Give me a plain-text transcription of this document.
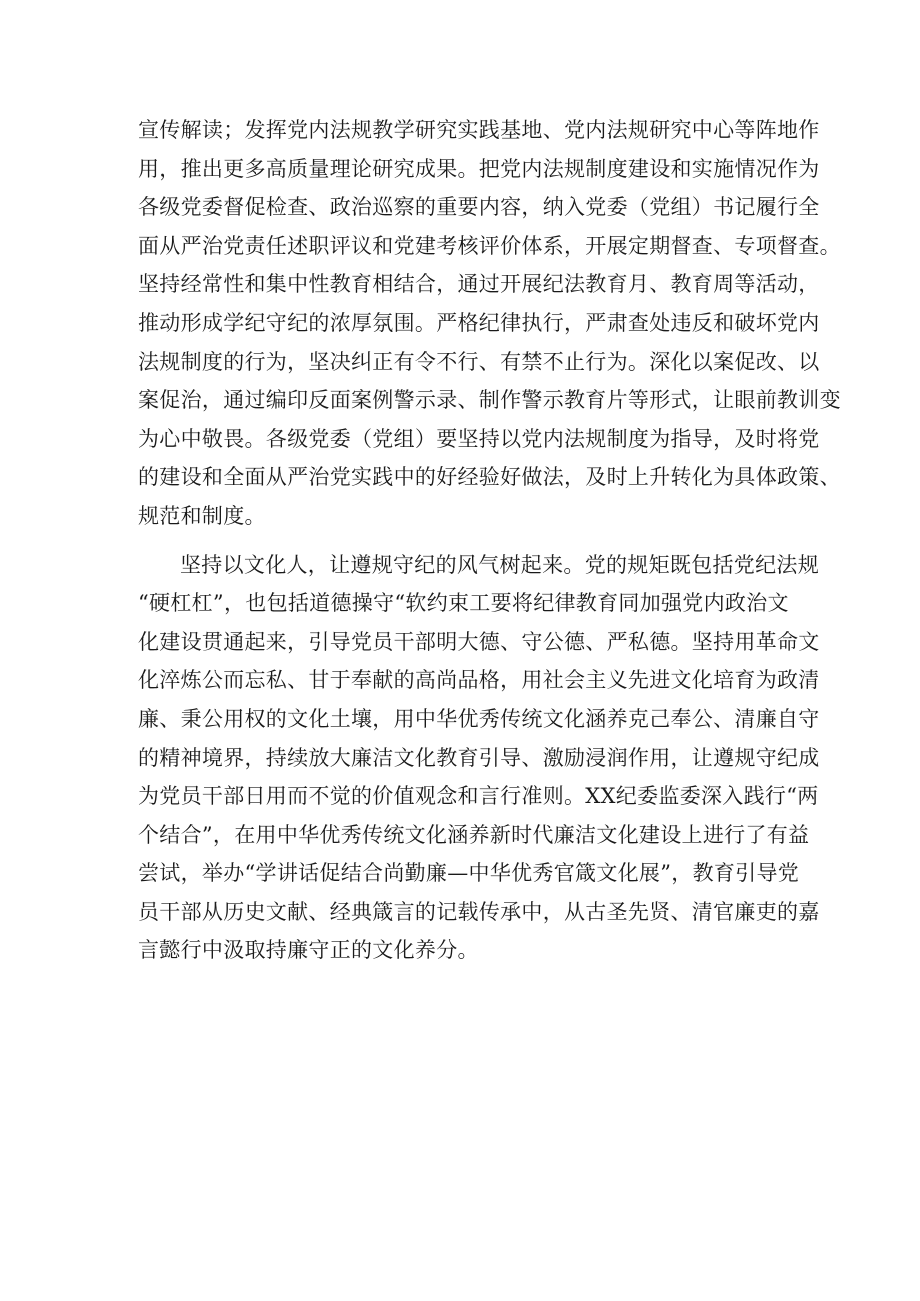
宣传解读；发挥党内法规教学研究实践基地、党内法规研究中心等阵地作
用，推出更多高质量理论研究成果。把党内法规制度建设和实施情况作为
各级党委督促检查、政治巡察的重要内容，纳入党委（党组）书记履行全
面从严治党责任述职评议和党建考核评价体系，开展定期督查、专项督查。
坚持经常性和集中性教育相结合，通过开展纪法教育月、教育周等活动，
推动形成学纪守纪的浓厚氛围。严格纪律执行，严肃查处违反和破坏党内
法规制度的行为，坚决纠正有令不行、有禁不止行为。深化以案促改、以
案促治，通过编印反面案例警示录、制作警示教育片等形式，让眼前教训变
为心中敬畏。各级党委（党组）要坚持以党内法规制度为指导，及时将党
的建设和全面从严治党实践中的好经验好做法，及时上升转化为具体政策、
规范和制度。
坚持以文化人，让遵规守纪的风气树起来。党的规矩既包括党纪法规
“硬杠杠”，也包括道德操守“软约束工要将纪律教育同加强党内政治文
化建设贯通起来，引导党员干部明大德、守公德、严私德。坚持用革命文
化淬炼公而忘私、甘于奉献的高尚品格，用社会主义先进文化培育为政清
廉、秉公用权的文化土壤，用中华优秀传统文化涵养克己奉公、清廉自守
的精神境界，持续放大廉洁文化教育引导、激励浸润作用，让遵规守纪成
为党员干部日用而不觉的价值观念和言行准则。XX纪委监委深入践行“两
个结合”，在用中华优秀传统文化涵养新时代廉洁文化建设上进行了有益
尝试，举办“学讲话促结合尚勤廉—中华优秀官箴文化展”，教育引导党
员干部从历史文献、经典箴言的记载传承中，从古圣先贤、清官廉吏的嘉
言懿行中汲取持廉守正的文化养分。
